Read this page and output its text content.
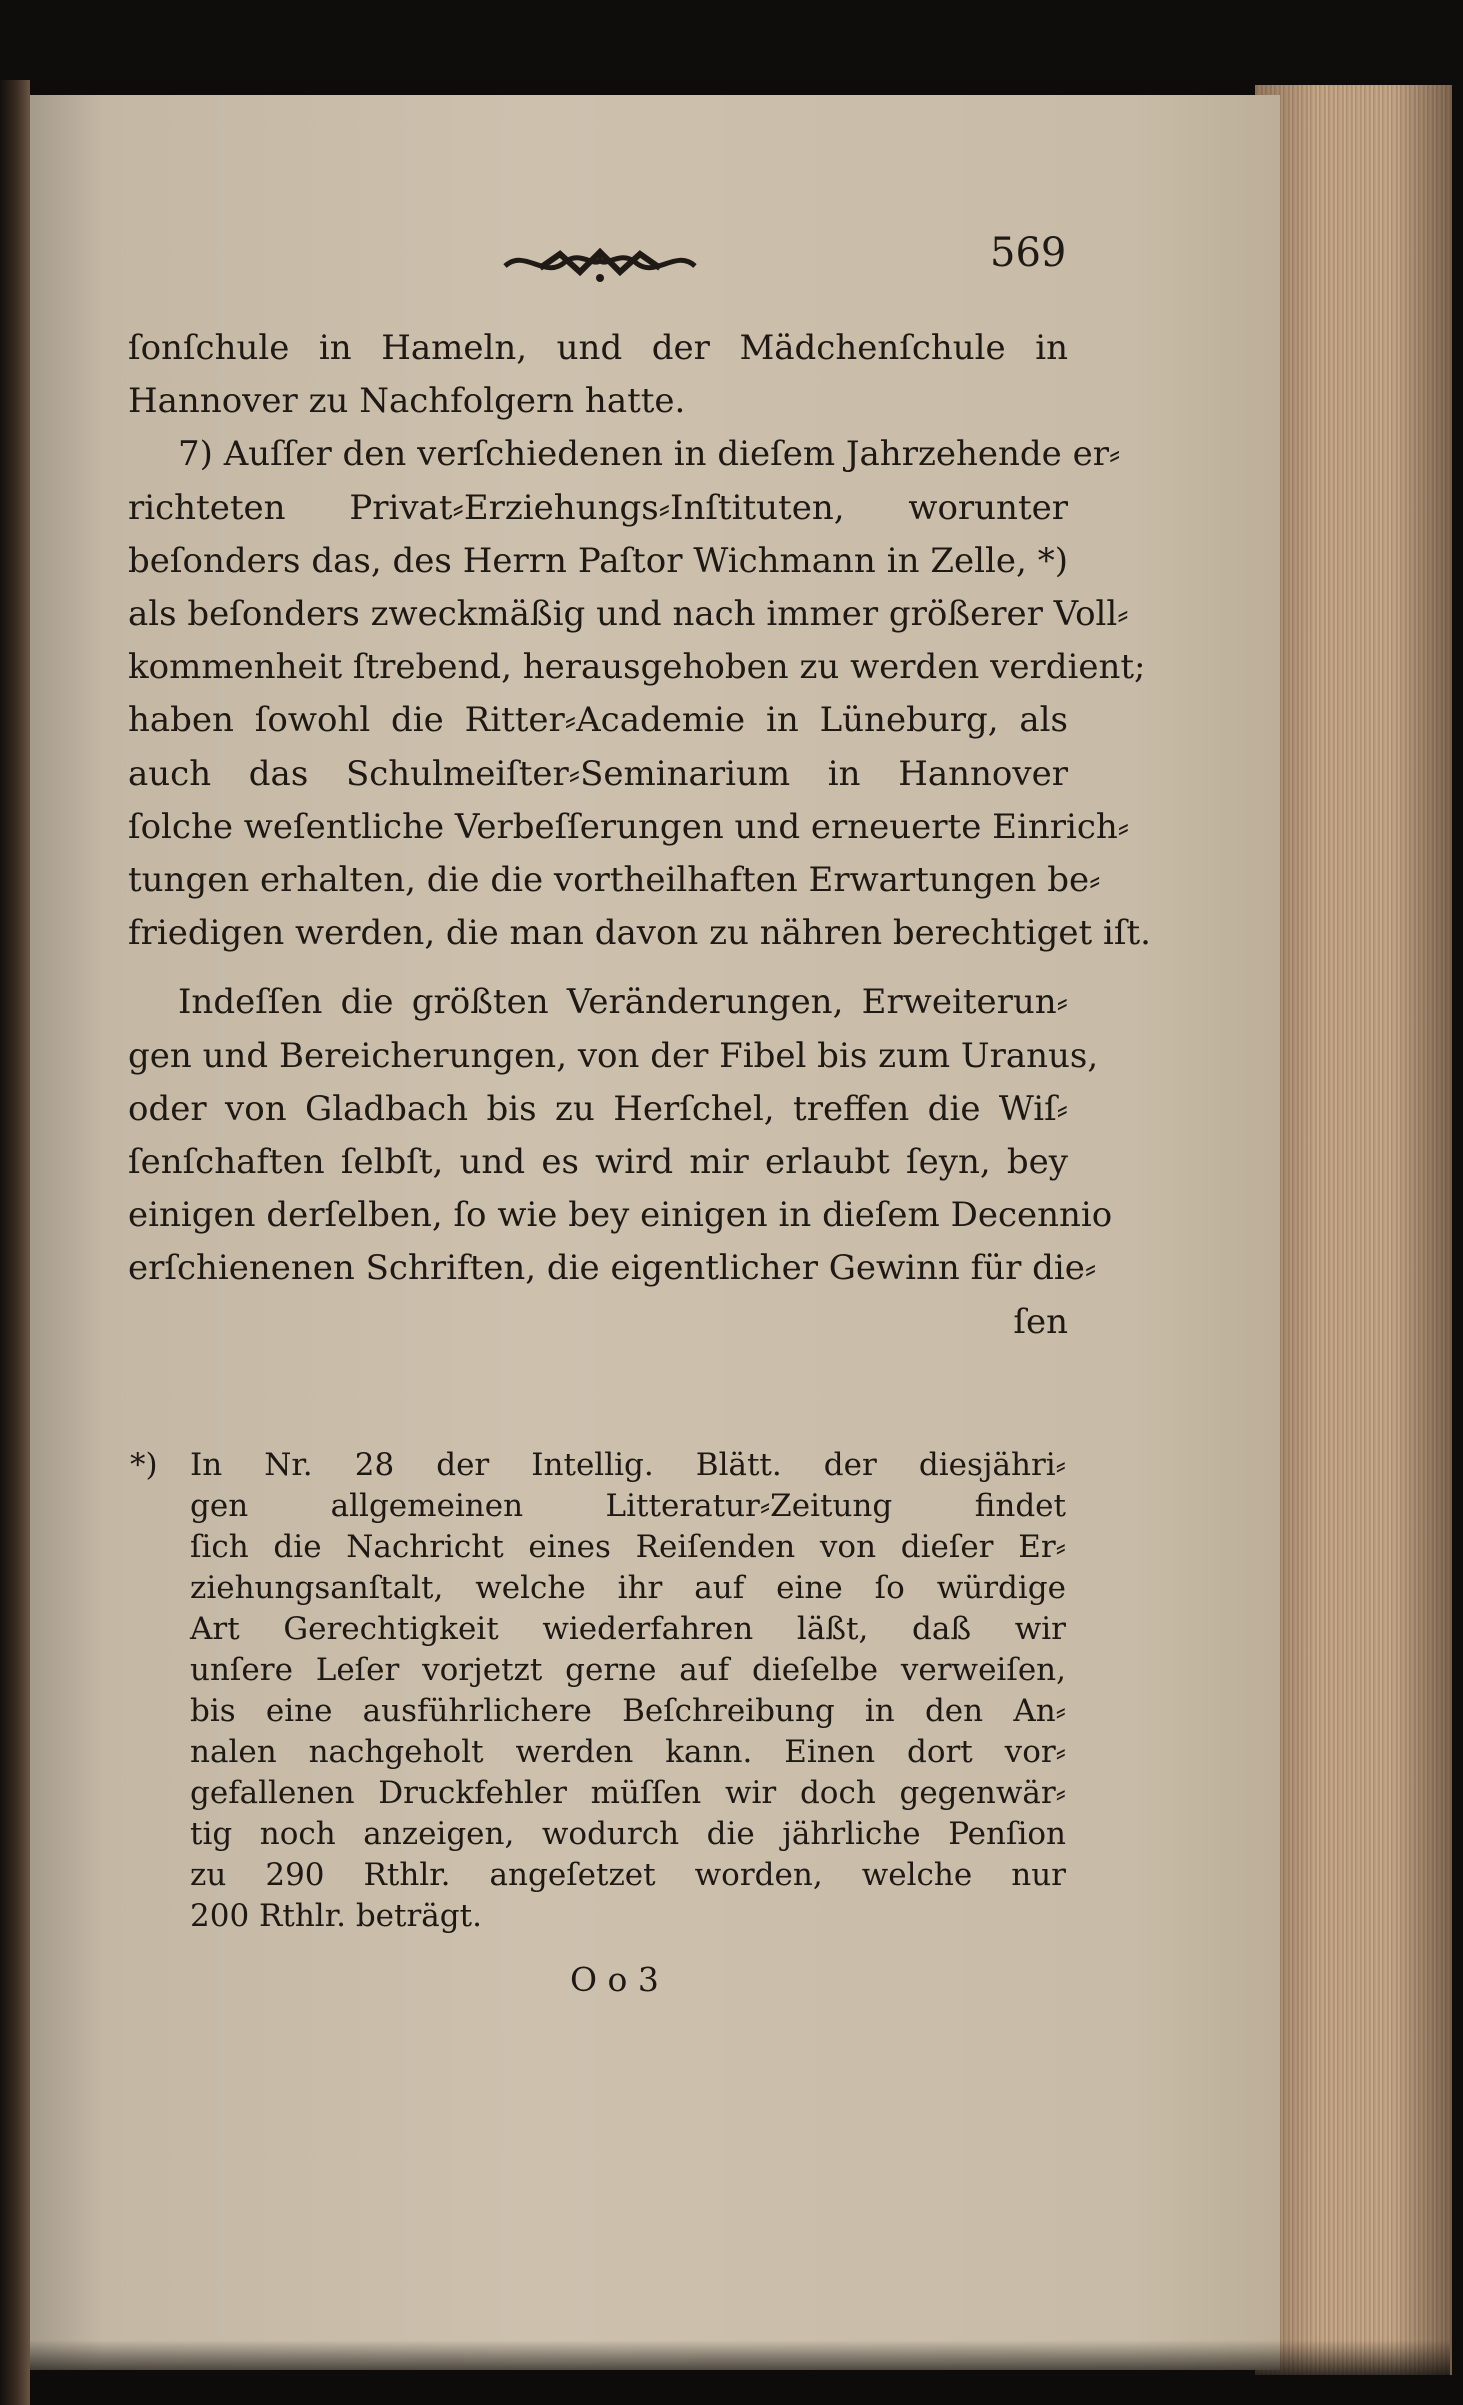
569
ſonſchule in Hameln, und der Mädchenſchule in
Hannover zu Nachfolgern hatte.
7) Auſſer den verſchiedenen in dieſem Jahrzehende er⸗
richteten Privat⸗Erziehungs⸗Inſtituten, worunter
beſonders das, des Herrn Paſtor Wichmann in Zelle, *)
als beſonders zweckmäßig und nach immer größerer Voll⸗
kommenheit ſtrebend, herausgehoben zu werden verdient;
haben ſowohl die Ritter⸗Academie in Lüneburg, als
auch das Schulmeiſter⸗Seminarium in Hannover
ſolche weſentliche Verbeſſerungen und erneuerte Einrich⸗
tungen erhalten, die die vortheilhaften Erwartungen be⸗
friedigen werden, die man davon zu nähren berechtiget iſt.
Indeſſen die größten Veränderungen, Erweiterun⸗
gen und Bereicherungen, von der Fibel bis zum Uranus,
oder von Gladbach bis zu Herſchel, treffen die Wiſ⸗
ſenſchaften ſelbſt, und es wird mir erlaubt ſeyn, bey
einigen derſelben, ſo wie bey einigen in dieſem Decennio
erſchienenen Schriften, die eigentlicher Gewinn für die⸗
ſen
*) In Nr. 28 der Intellig. Blätt. der diesjähri⸗
gen allgemeinen Litteratur⸗Zeitung findet
ſich die Nachricht eines Reiſenden von dieſer Er⸗
ziehungsanſtalt, welche ihr auf eine ſo würdige
Art Gerechtigkeit wiederfahren läßt, daß wir
unſere Leſer vorjetzt gerne auf dieſelbe verweiſen,
bis eine ausführlichere Beſchreibung in den An⸗
nalen nachgeholt werden kann. Einen dort vor⸗
gefallenen Druckfehler müſſen wir doch gegenwär⸗
tig noch anzeigen, wodurch die jährliche Penſion
zu 290 Rthlr. angeſetzet worden, welche nur
200 Rthlr. beträgt.
O o 3
